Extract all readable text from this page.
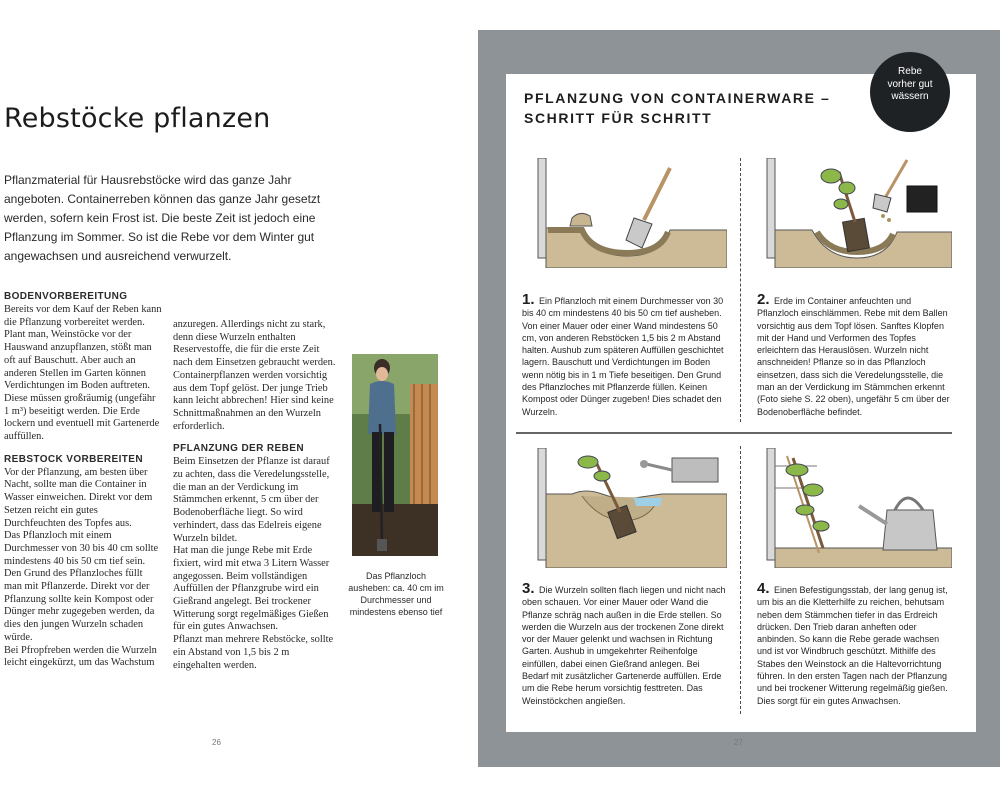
Rebstöcke pflanzen

Pflanzmaterial für Hausrebstöcke wird das ganze Jahr angeboten. Containerreben können das ganze Jahr gesetzt werden, sofern kein Frost ist. Die beste Zeit ist jedoch eine Pflanzung im Sommer. So ist die Rebe vor dem Winter gut angewachsen und ausreichend verwurzelt.

BODENVORBEREITUNG

Bereits vor dem Kauf der Reben kann die Pflanzung vorbereitet werden. Plant man, Weinstöcke vor der Hauswand anzupflanzen, stößt man oft auf Bauschutt. Aber auch an anderen Stellen im Garten können Verdichtungen im Boden auftreten. Diese müssen großräumig (ungefähr 1 m³) beseitigt werden. Die Erde lockern und eventuell mit Gartenerde auffüllen.

REBSTOCK VORBEREITEN

Vor der Pflanzung, am besten über Nacht, sollte man die Container in Wasser einweichen. Direkt vor dem Setzen reicht ein gutes Durchfeuchten des Topfes aus.

Das Pflanzloch mit einem Durchmesser von 30 bis 40 cm sollte mindestens 40 bis 50 cm tief sein. Den Grund des Pflanzloches füllt man mit Pflanzerde. Direkt vor der Pflanzung sollte kein Kompost oder Dünger mehr zugegeben werden, da dies den jungen Wurzeln schaden würde.

Bei Pfropfreben werden die Wurzeln leicht eingekürzt, um das Wachstum

anzuregen. Allerdings nicht zu stark, denn diese Wurzeln enthalten Reservestoffe, die für die erste Zeit nach dem Einsetzen gebraucht werden. Containerpflanzen werden vorsichtig aus dem Topf gelöst. Der junge Trieb kann leicht abbrechen! Hier sind keine Schnittmaßnahmen an den Wurzeln erforderlich.

PFLANZUNG DER REBEN

Beim Einsetzen der Pflanze ist darauf zu achten, dass die Veredelungsstelle, die man an der Verdickung im Stämmchen erkennt, 5 cm über der Bodenoberfläche liegt. So wird verhindert, dass das Edelreis eigene Wurzeln bildet.

Hat man die junge Rebe mit Erde fixiert, wird mit etwa 3 Litern Wasser angegossen. Beim vollständigen Auffüllen der Pflanzgrube wird ein Gießrand angelegt. Bei trockener Witterung sorgt regelmäßiges Gießen für ein gutes Anwachsen.

Pflanzt man mehrere Rebstöcke, sollte ein Abstand von 1,5 bis 2 m eingehalten werden.

Das Pflanzloch ausheben: ca. 40 cm im Durchmesser und mindestens ebenso tief

26
PFLANZUNG VON CONTAINERWARE –
SCHRITT FÜR SCHRITT
Rebe
vorher gut
wässern

1. Ein Pflanzloch mit einem Durchmesser von 30 bis 40 cm mindestens 40 bis 50 cm tief ausheben. Von einer Mauer oder einer Wand mindestens 50 cm, von anderen Rebstöcken 1,5 bis 2 m Abstand halten. Aushub zum späteren Auffüllen geschichtet lagern. Bauschutt und Verdichtungen im Boden wenn nötig bis in 1 m Tiefe beseitigen. Den Grund des Pflanzloches mit Pflanzerde füllen. Keinen Kompost oder Dünger zugeben! Dies schadet den Wurzeln.

2. Erde im Container anfeuchten und Pflanzloch einschlämmen. Rebe mit dem Ballen vorsichtig aus dem Topf lösen. Sanftes Klopfen mit der Hand und Verformen des Topfes erleichtern das Herauslösen. Wurzeln nicht anschneiden! Pflanze so in das Pflanzloch einsetzen, dass sich die Veredelungsstelle, die man an der Verdickung im Stämmchen erkennt (Foto siehe S. 22 oben), ungefähr 5 cm über der Bodenoberfläche befindet.

3. Die Wurzeln sollten flach liegen und nicht nach oben schauen. Vor einer Mauer oder Wand die Pflanze schräg nach außen in die Erde stellen. So werden die Wurzeln aus der trockenen Zone direkt vor der Mauer gelenkt und wachsen in Richtung Garten. Aushub in umgekehrter Reihenfolge einfüllen, dabei einen Gießrand anlegen. Bei Bedarf mit zusätzlicher Gartenerde auffüllen. Erde um die Rebe herum vorsichtig festtreten. Das Weinstöckchen angießen.

4. Einen Befestigungsstab, der lang genug ist, um bis an die Kletterhilfe zu reichen, behutsam neben dem Stämmchen tiefer in das Erdreich drücken. Den Trieb daran anheften oder anbinden. So kann die Rebe gerade wachsen und ist vor Windbruch geschützt. Mithilfe des Stabes den Weinstock an die Haltevorrichtung führen. In den ersten Tagen nach der Pflanzung und bei trockener Witterung regelmäßig gießen. Dies sorgt für ein gutes Anwachsen.

27
